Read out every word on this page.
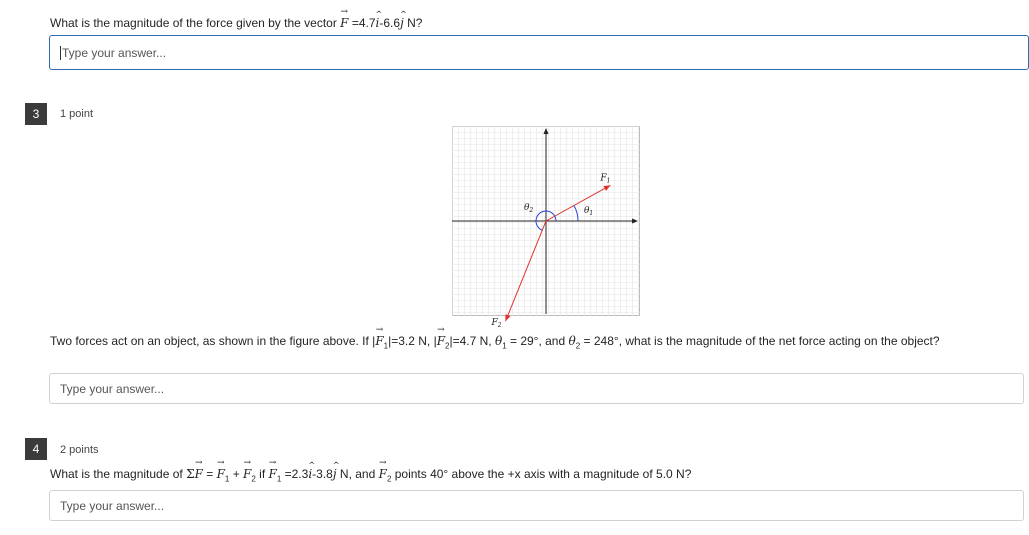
What is the magnitude of the force given by the vector → F =4.7^ i-6.6^ j N?
Type your answer...
3 1 point
$F_1$
$F_2$
$\theta_1$
$\theta_2$
Two forces act on an object, as shown in the figure above. If |→ $F_1|=3.2$ N, |→ $F_2|=4.7$ N, $\theta_1 = 29^\circ$, and $\theta_2 = 248^\circ$, what is the magnitude of the net force acting on the object?
Type your answer...
4 2 points
What is the magnitude of Σ→ F = → $F_1$ + → $F_2$ if → $F_1$ =2.3^ i-3.8^ j N, and → $F_2$ points 40° above the +x axis with a magnitude of 5.0 N?
Type your answer...
